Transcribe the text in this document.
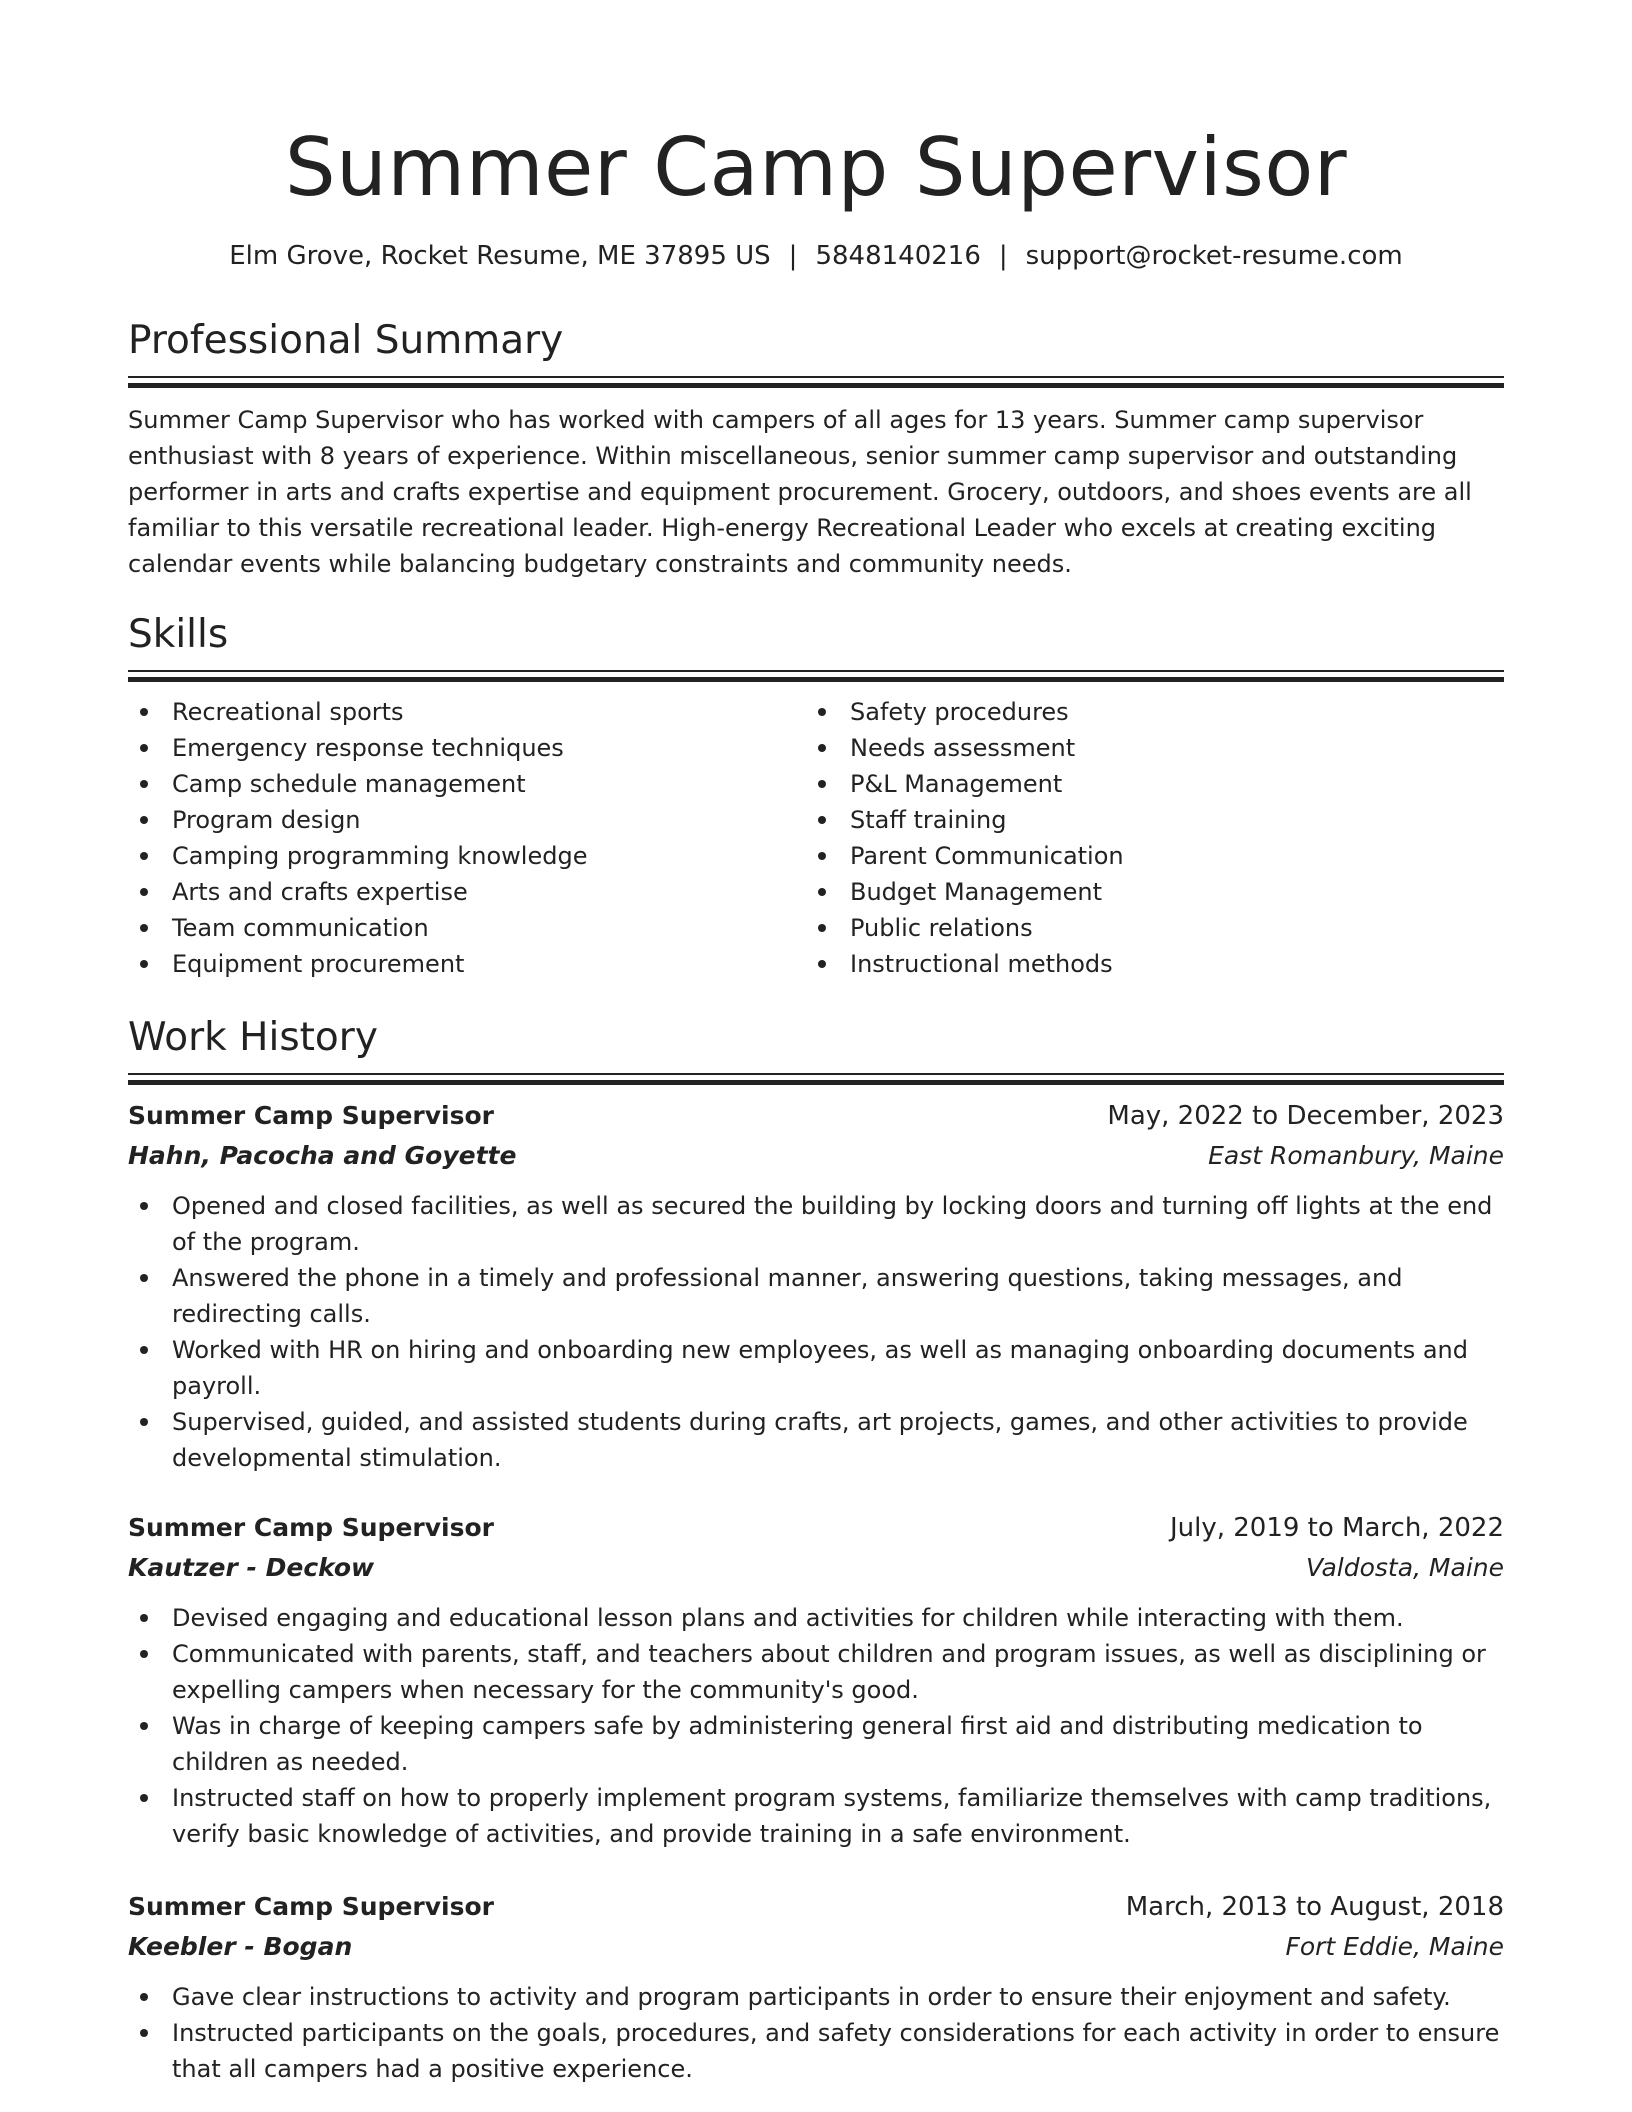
Summer Camp Supervisor
Elm Grove, Rocket Resume, ME 37895 US | 5848140216 | support@rocket-resume.com
Professional Summary

Summer Camp Supervisor who has worked with campers of all ages for 13 years. Summer camp supervisor enthusiast with 8 years of experience. Within miscellaneous, senior summer camp supervisor and outstanding performer in arts and crafts expertise and equipment procurement. Grocery, outdoors, and shoes events are all familiar to this versatile recreational leader. High-energy Recreational Leader who excels at creating exciting calendar events while balancing budgetary constraints and community needs.

Skills
Recreational sports
Emergency response techniques
Camp schedule management
Program design
Camping programming knowledge
Arts and crafts expertise
Team communication
Equipment procurement
Safety procedures
Needs assessment
P&L Management
Staff training
Parent Communication
Budget Management
Public relations
Instructional methods
Work History
Summer Camp Supervisor	May, 2022 to December, 2023
Hahn, Pacocha and Goyette	East Romanbury, Maine
Opened and closed facilities, as well as secured the building by locking doors and turning off lights at the end of the program.
Answered the phone in a timely and professional manner, answering questions, taking messages, and redirecting calls.
Worked with HR on hiring and onboarding new employees, as well as managing onboarding documents and payroll.
Supervised, guided, and assisted students during crafts, art projects, games, and other activities to provide developmental stimulation.
Summer Camp Supervisor	July, 2019 to March, 2022
Kautzer - Deckow	Valdosta, Maine
Devised engaging and educational lesson plans and activities for children while interacting with them.
Communicated with parents, staff, and teachers about children and program issues, as well as disciplining or expelling campers when necessary for the community's good.
Was in charge of keeping campers safe by administering general first aid and distributing medication to children as needed.
Instructed staff on how to properly implement program systems, familiarize themselves with camp traditions, verify basic knowledge of activities, and provide training in a safe environment.
Summer Camp Supervisor	March, 2013 to August, 2018
Keebler - Bogan	Fort Eddie, Maine
Gave clear instructions to activity and program participants in order to ensure their enjoyment and safety.
Instructed participants on the goals, procedures, and safety considerations for each activity in order to ensure that all campers had a positive experience.
